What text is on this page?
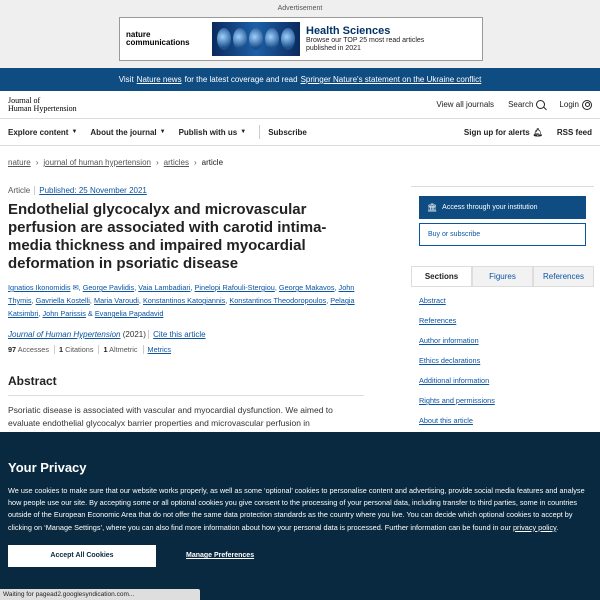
Advertisement
nature
communications
Health Sciences
Browse our TOP 25 most read articles
published in 2021
Visit Nature news for the latest coverage and read Springer Nature's statement on the Ukraine conflict
Journal of
Human Hypertension	View all journals Search	Login
Explore content ▼ About the journal ▼ Publish with us ▼	Subscribe	Sign up for alerts 🔔︎ RSS feed
nature › journal of human hypertension › articles › article
Article	Published: 25 November 2021
Endothelial glycocalyx and microvascular perfusion are associated with carotid intima-media thickness and impaired myocardial deformation in psoriatic disease
Ignatios Ikonomidis ✉, George Pavlidis, Vaia Lambadiari, Pinelopi Rafouli-Stergiou, George Makavos, John Thymis, Gavriella Kostelli, Maria Varoudi, Konstantinos Katogiannis, Konstantinos Theodoropoulos, Pelagia Katsimbri, John Parissis & Evangelia Papadavid
Journal of Human Hypertension (2021) Cite this article
97 Accesses	1 Citations	1 Altmetric	Metrics
Abstract

Psoriatic disease is associated with vascular and myocardial dysfunction. We aimed to
evaluate endothelial glycocalyx barrier properties and microvascular perfusion in

🏛︎ Access through your institution
Buy or subscribe
Sections	Figures	References
Abstract
References
Author information
Ethics declarations
Additional information
Rights and permissions
About this article
Your Privacy

We use cookies to make sure that our website works properly, as well as some ‘optional’ cookies to personalise content and advertising, provide social media features and analyse how people use our site. By accepting some or all optional cookies you give consent to the processing of your personal data, including transfer to third parties, some in countries outside of the European Economic Area that do not offer the same data protection standards as the country where you live. You can decide which optional cookies to accept by clicking on ‘Manage Settings’, where you can also find more information about how your personal data is processed. Further information can be found in our privacy policy.

Accept All Cookies	Manage Preferences
Waiting for pagead2.googlesyndication.com...
